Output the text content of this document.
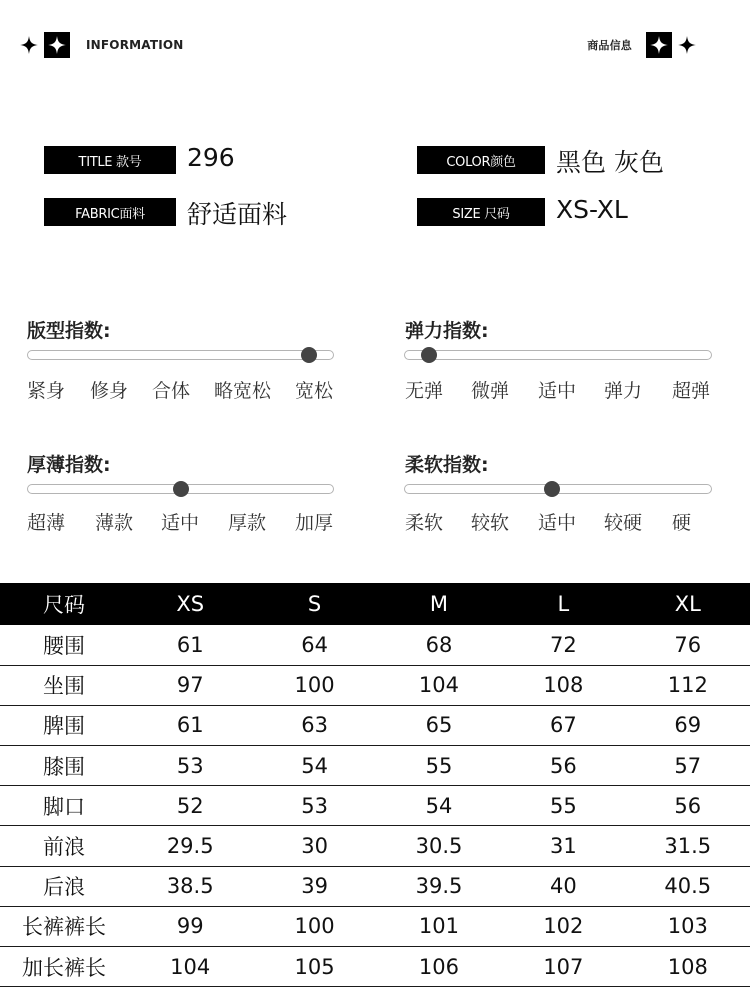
INFORMATION	商品信息
TITLE 款号	296	COLOR颜色	黑色 灰色
FABRIC面料	舒适面料	SIZE 尺码	XS-XL
版型指数:
紧身 修身 合体 略宽松 宽松
弹力指数:
无弹 微弹 适中 弹力 超弹
厚薄指数:
超薄 薄款 适中 厚款 加厚
柔软指数:
柔软 较软 适中 较硬 硬
尺码	XS	S	M	L	XL
腰围	61	64	68	72	76
坐围	97	100	104	108	112
脾围	61	63	65	67	69
膝围	53	54	55	56	57
脚口	52	53	54	55	56
前浪	29.5	30	30.5	31	31.5
后浪	38.5	39	39.5	40	40.5
长裤裤长	99	100	101	102	103
加长裤长	104	105	106	107	108
